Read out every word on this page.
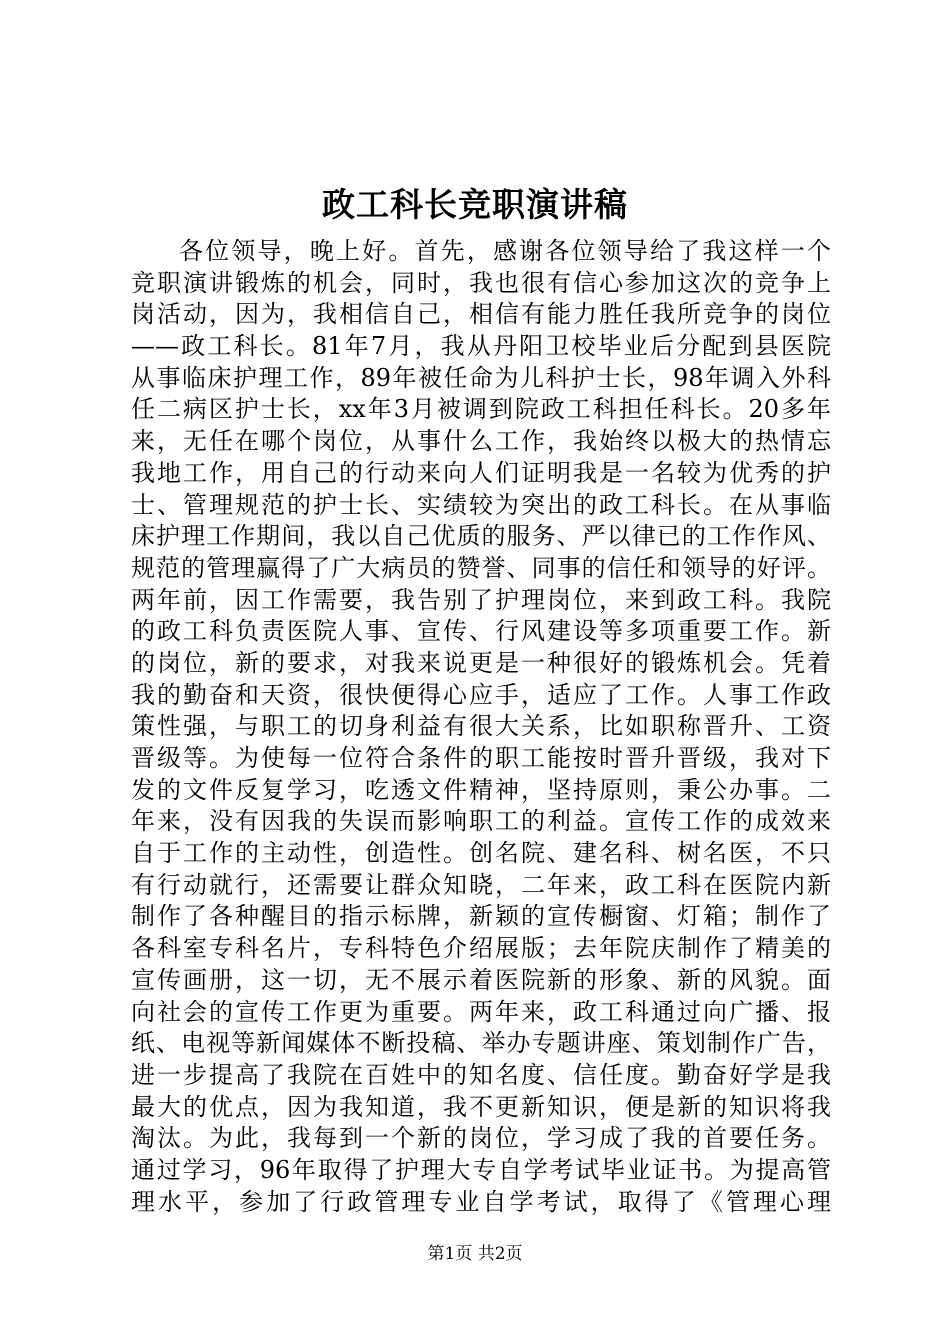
政工科长竞职演讲稿
各位领导，晚上好。首先，感谢各位领导给了我这样一个
竞职演讲锻炼的机会，同时，我也很有信心参加这次的竞争上
岗活动，因为，我相信自己，相信有能力胜任我所竞争的岗位
——政工科长。81年7月，我从丹阳卫校毕业后分配到县医院
从事临床护理工作，89年被任命为儿科护士长，98年调入外科
任二病区护士长，xx年3月被调到院政工科担任科长。20多年
来，无任在哪个岗位，从事什么工作，我始终以极大的热情忘
我地工作，用自己的行动来向人们证明我是一名较为优秀的护
士、管理规范的护士长、实绩较为突出的政工科长。在从事临
床护理工作期间，我以自己优质的服务、严以律已的工作作风、
规范的管理赢得了广大病员的赞誉、同事的信任和领导的好评。
两年前，因工作需要，我告别了护理岗位，来到政工科。我院
的政工科负责医院人事、宣传、行风建设等多项重要工作。新
的岗位，新的要求，对我来说更是一种很好的锻炼机会。凭着
我的勤奋和天资，很快便得心应手，适应了工作。人事工作政
策性强，与职工的切身利益有很大关系，比如职称晋升、工资
晋级等。为使每一位符合条件的职工能按时晋升晋级，我对下
发的文件反复学习，吃透文件精神，坚持原则，秉公办事。二
年来，没有因我的失误而影响职工的利益。宣传工作的成效来
自于工作的主动性，创造性。创名院、建名科、树名医，不只
有行动就行，还需要让群众知晓，二年来，政工科在医院内新
制作了各种醒目的指示标牌，新颖的宣传橱窗、灯箱；制作了
各科室专科名片，专科特色介绍展版；去年院庆制作了精美的
宣传画册，这一切，无不展示着医院新的形象、新的风貌。面
向社会的宣传工作更为重要。两年来，政工科通过向广播、报
纸、电视等新闻媒体不断投稿、举办专题讲座、策划制作广告，
进一步提高了我院在百姓中的知名度、信任度。勤奋好学是我
最大的优点，因为我知道，我不更新知识，便是新的知识将我
淘汰。为此，我每到一个新的岗位，学习成了我的首要任务。
通过学习，96年取得了护理大专自学考试毕业证书。为提高管
理水平，参加了行政管理专业自学考试，取得了《管理心理
第1页 共2页
